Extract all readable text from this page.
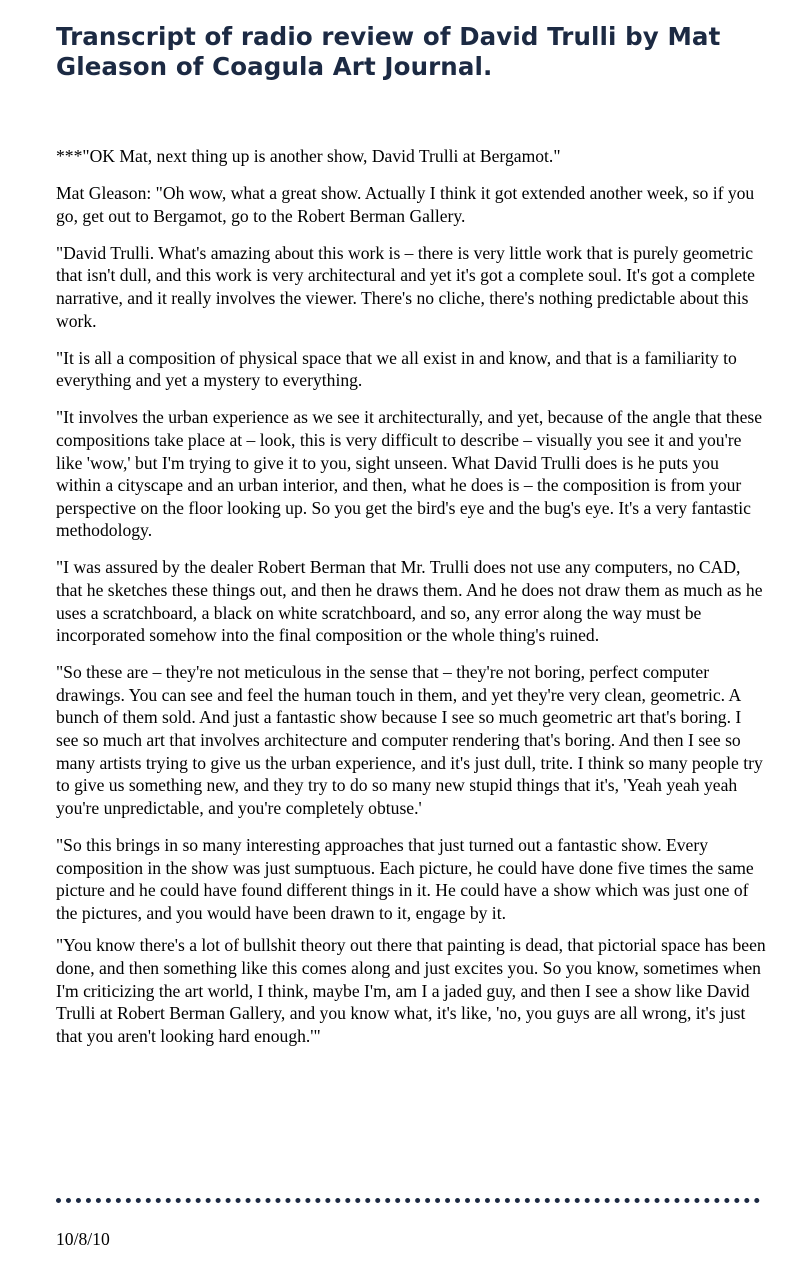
Transcript of radio review of David Trulli by Mat Gleason of Coagula Art Journal.

***"OK Mat, next thing up is another show, David Trulli at Bergamot."

Mat Gleason: "Oh wow, what a great show. Actually I think it got extended another week, so if you go, get out to Bergamot, go to the Robert Berman Gallery.

"David Trulli. What's amazing about this work is – there is very little work that is purely geometric that isn't dull, and this work is very architectural and yet it's got a complete soul. It's got a complete narrative, and it really involves the viewer. There's no cliche, there's nothing predictable about this work.

"It is all a composition of physical space that we all exist in and know, and that is a familiarity to everything and yet a mystery to everything.

"It involves the urban experience as we see it architecturally, and yet, because of the angle that these compositions take place at – look, this is very difficult to describe – visually you see it and you're like 'wow,' but I'm trying to give it to you, sight unseen. What David Trulli does is he puts you within a cityscape and an urban interior, and then, what he does is – the composition is from your perspective on the floor looking up. So you get the bird's eye and the bug's eye. It's a very fantastic methodology.

"I was assured by the dealer Robert Berman that Mr. Trulli does not use any computers, no CAD, that he sketches these things out, and then he draws them. And he does not draw them as much as he uses a scratchboard, a black on white scratchboard, and so, any error along the way must be incorporated somehow into the final composition or the whole thing's ruined.

"So these are – they're not meticulous in the sense that – they're not boring, perfect computer drawings. You can see and feel the human touch in them, and yet they're very clean, geometric. A bunch of them sold. And just a fantastic show because I see so much geometric art that's boring. I see so much art that involves architecture and computer rendering that's boring. And then I see so many artists trying to give us the urban experience, and it's just dull, trite. I think so many people try to give us something new, and they try to do so many new stupid things that it's, 'Yeah yeah yeah you're unpredictable, and you're completely obtuse.'

"So this brings in so many interesting approaches that just turned out a fantastic show. Every composition in the show was just sumptuous. Each picture, he could have done five times the same picture and he could have found different things in it. He could have a show which was just one of the pictures, and you would have been drawn to it, engage by it.

"You know there's a lot of bullshit theory out there that painting is dead, that pictorial space has been done, and then something like this comes along and just excites you. So you know, sometimes when I'm criticizing the art world, I think, maybe I'm, am I a jaded guy, and then I see a show like David Trulli at Robert Berman Gallery, and you know what, it's like, 'no, you guys are all wrong, it's just that you aren't looking hard enough.'"

10/8/10
